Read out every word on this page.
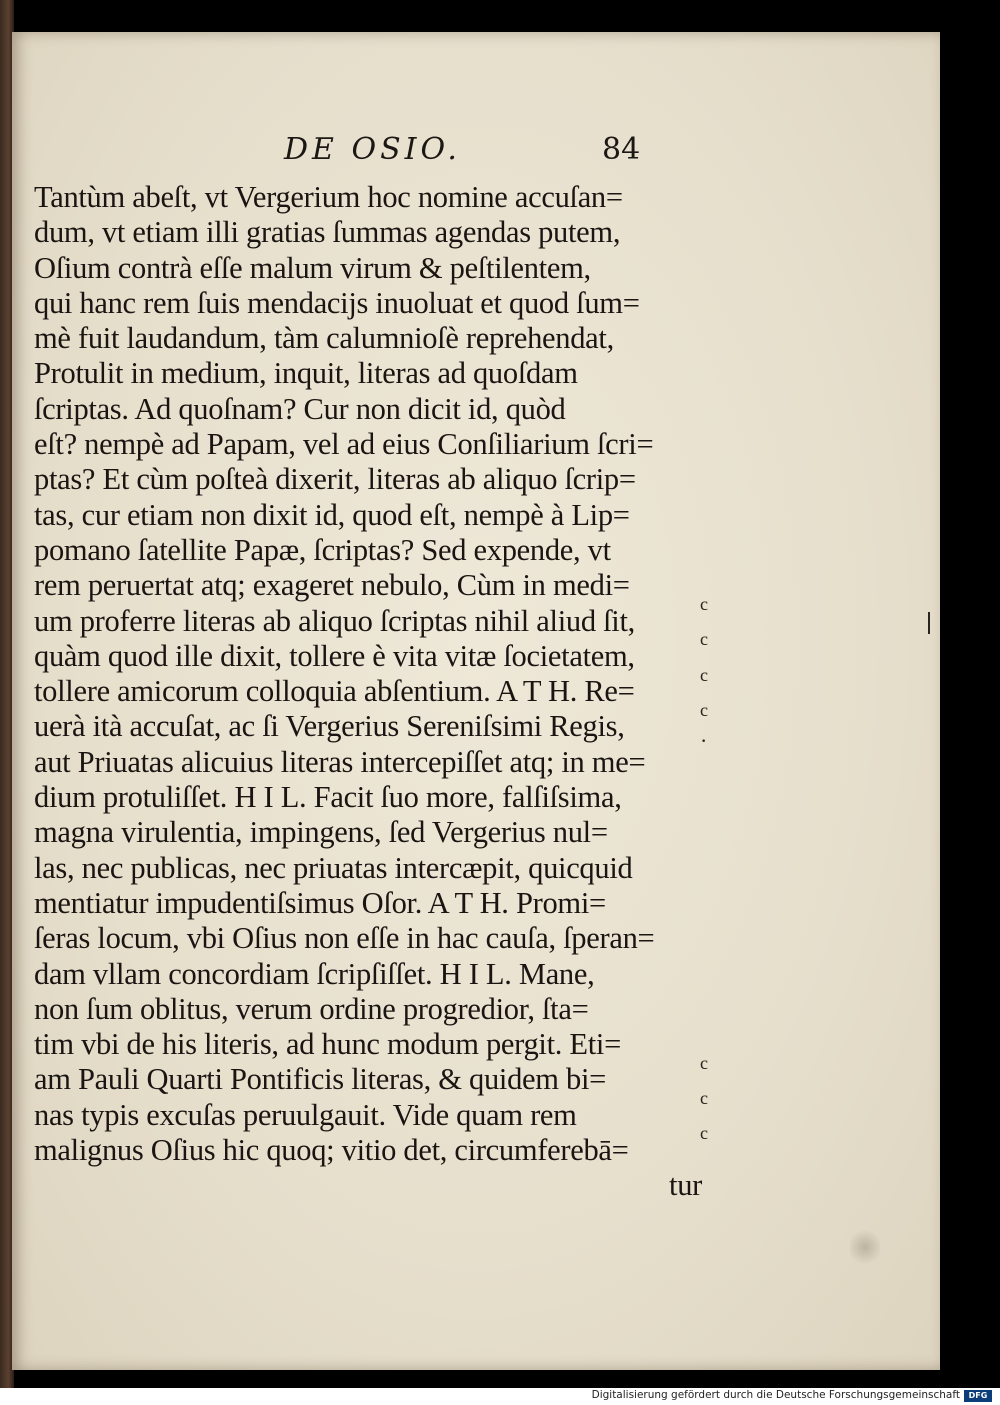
DE OSIO.	84
Tantùm abeſt, vt Vergerium hoc nomine accuſan=
dum, vt etiam illi gratias ſummas agendas putem,
Oſium contrà eſſe malum virum & peſtilentem,
qui hanc rem ſuis mendacijs inuoluat et quod ſum=
mè fuit laudandum, tàm calumnioſè reprehendat,
Protulit in medium, inquit, literas ad quoſdam
ſcriptas. Ad quoſnam? Cur non dicit id, quòd
eſt? nempè ad Papam, vel ad eius Conſiliarium ſcri=
ptas? Et cùm poſteà dixerit, literas ab aliquo ſcrip=
tas, cur etiam non dixit id, quod eſt, nempè à Lip=
pomano ſatellite Papæ, ſcriptas? Sed expende, vt
rem peruertat atq; exageret nebulo, Cùm in medi=
um proferre literas ab aliquo ſcriptas nihil aliud ſit,
quàm quod ille dixit, tollere è vita vitæ ſocietatem,
tollere amicorum colloquia abſentium. A T H. Re=
uerà ità accuſat, ac ſi Vergerius Sereniſsimi Regis,
aut Priuatas alicuius literas intercepiſſet atq; in me=
dium protuliſſet. H I L. Facit ſuo more, falſiſsima,
magna virulentia, impingens, ſed Vergerius nul=
las, nec publicas, nec priuatas intercæpit, quicquid
mentiatur impudentiſsimus Oſor. A T H. Promi=
ſeras locum, vbi Oſius non eſſe in hac cauſa, ſperan=
dam vllam concordiam ſcripſiſſet. H I L. Mane,
non ſum oblitus, verum ordine progredior, ſta=
tim vbi de his literis, ad hunc modum pergit. Eti=
am Pauli Quarti Pontificis literas, & quidem bi=
nas typis excuſas peruulgauit. Vide quam rem
malignus Oſius hic quoq; vitio det, circumferebā=
tur
c
c
c
c
·
c
c
c
Digitalisierung gefördert durch die Deutsche Forschungsgemeinschaft	DFG
